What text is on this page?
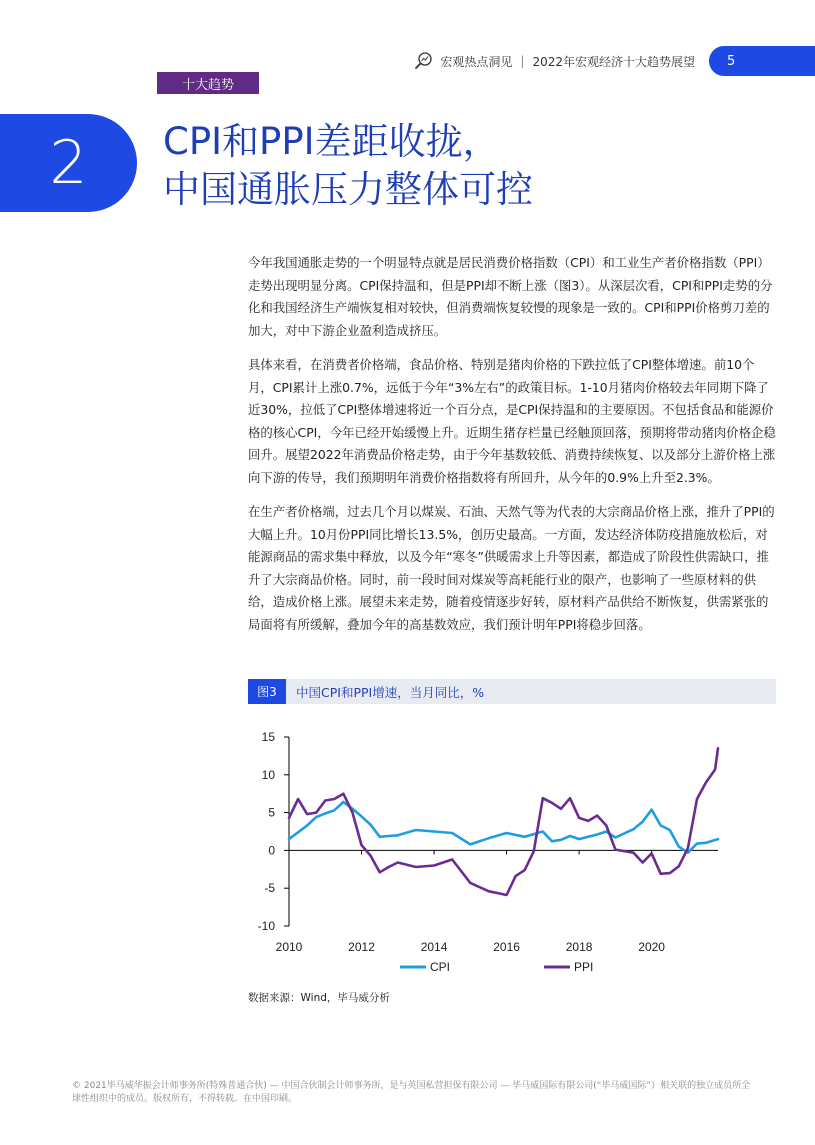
宏观热点洞见 | 2022年宏观经济十大趋势展望	5
十大趋势
2 CPI和PPI差距收拢，
中国通胀压力整体可控

今年我国通胀走势的一个明显特点就是居民消费价格指数（CPI）和工业生产者价格指数（PPI）走势出现明显分离。CPI保持温和，但是PPI却不断上涨（图3）。从深层次看，CPI和PPI走势的分化和我国经济生产端恢复相对较快，但消费端恢复较慢的现象是一致的。CPI和PPI价格剪刀差的加大，对中下游企业盈利造成挤压。

具体来看，在消费者价格端，食品价格、特别是猪肉价格的下跌拉低了CPI整体增速。前10个月，CPI累计上涨0.7%，远低于今年“3%左右”的政策目标。1-10月猪肉价格较去年同期下降了近30%，拉低了CPI整体增速将近一个百分点，是CPI保持温和的主要原因。不包括食品和能源价格的核心CPI，今年已经开始缓慢上升。近期生猪存栏量已经触顶回落，预期将带动猪肉价格企稳回升。展望2022年消费品价格走势，由于今年基数较低、消费持续恢复、以及部分上游价格上涨向下游的传导，我们预期明年消费价格指数将有所回升，从今年的0.9%上升至2.3%。

在生产者价格端，过去几个月以煤炭、石油、天然气等为代表的大宗商品价格上涨，推升了PPI的大幅上升。10月份PPI同比增长13.5%，创历史最高。一方面，发达经济体防疫措施放松后，对能源商品的需求集中释放，以及今年“寒冬”供暖需求上升等因素，都造成了阶段性供需缺口，推升了大宗商品价格。同时，前一段时间对煤炭等高耗能行业的限产，也影响了一些原材料的供给，造成价格上涨。展望未来走势，随着疫情逐步好转，原材料产品供给不断恢复，供需紧张的局面将有所缓解，叠加今年的高基数效应，我们预计明年PPI将稳步回落。

图3	中国CPI和PPI增速，当月同比，%
15
10
5
0
-5
-10
2010	2012	2014	2016	2018	2020
CPI	PPI
数据来源：Wind，毕马威分析
© 2021毕马威华振会计师事务所(特殊普通合伙) — 中国合伙制会计师事务所，是与英国私营担保有限公司 — 毕马威国际有限公司(“毕马威国际”）相关联的独立成员所全球性组织中的成员。版权所有，不得转载。在中国印刷。
